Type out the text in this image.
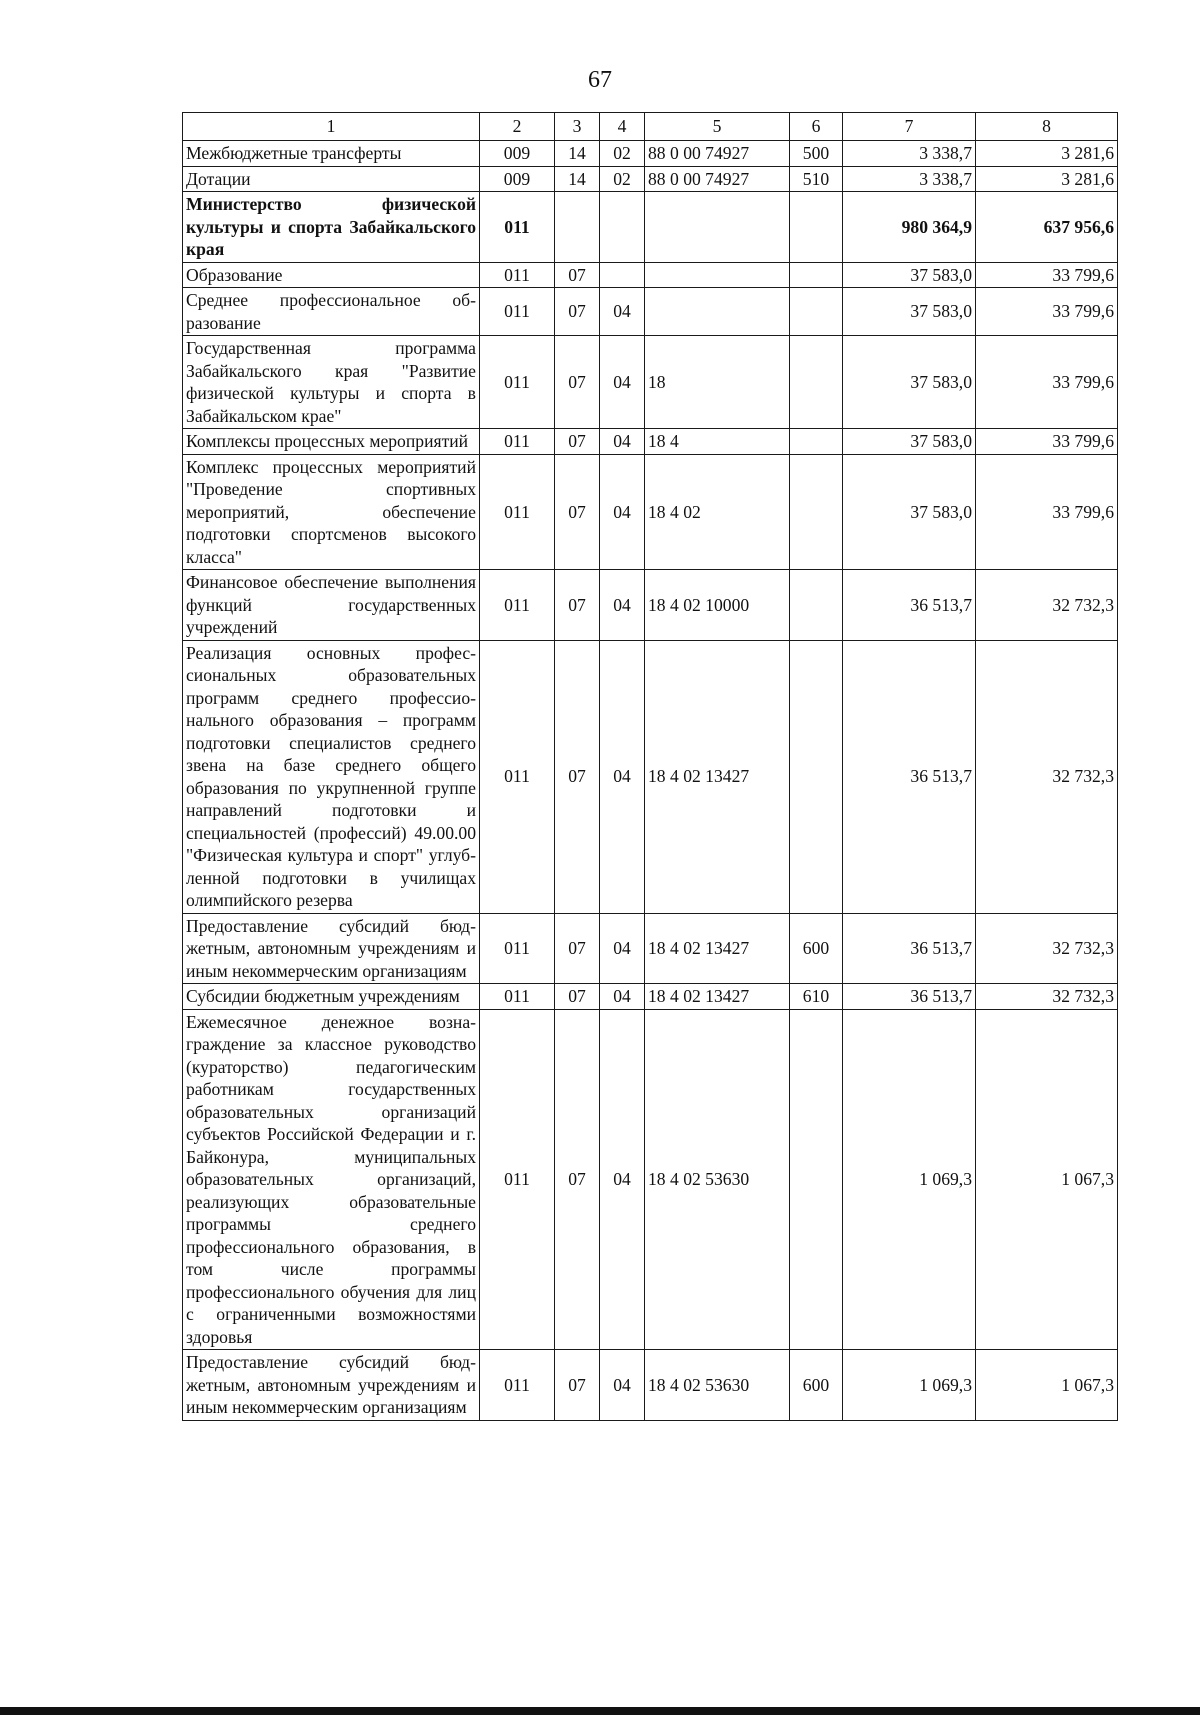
67
1	2	3	4	5	6	7	8
Межбюджетные трансферты	009	14	02	88 0 00 74927	500	3 338,7	3 281,6
Дотации	009	14	02	88 0 00 74927	510	3 338,7	3 281,6
Министерство физической культуры и спорта Забайкальского края	011					980 364,9	637 956,6
Образование	011	07				37 583,0	33 799,6
Среднее профессиональное образование	011	07	04			37 583,0	33 799,6
Государственная программа Забайкальского края "Развитие физической культуры и спорта в Забайкальском крае"	011	07	04	18		37 583,0	33 799,6
Комплексы процессных мероприятий	011	07	04	18 4		37 583,0	33 799,6
Комплекс процессных мероприятий "Проведение спортивных мероприятий, обеспечение подготовки спортсменов высокого класса"	011	07	04	18 4 02		37 583,0	33 799,6
Финансовое обеспечение выполнения функций государственных учреждений	011	07	04	18 4 02 10000		36 513,7	32 732,3
Реализация основных профессиональных образовательных программ среднего профессионального образования – программ подготовки специалистов среднего звена на базе среднего общего образования по укрупненной группе направлений подготовки и специальностей (профессий) 49.00.00 "Физическая культура и спорт" углубленной подготовки в училищах олимпийского резерва	011	07	04	18 4 02 13427		36 513,7	32 732,3
Предоставление субсидий бюджетным, автономным учреждениям и иным некоммерческим организациям	011	07	04	18 4 02 13427	600	36 513,7	32 732,3
Субсидии бюджетным учреждениям	011	07	04	18 4 02 13427	610	36 513,7	32 732,3
Ежемесячное денежное вознаграждение за классное руководство (кураторство) педагогическим работникам государственных образовательных организаций субъектов Российской Федерации и г. Байконура, муниципальных образовательных организаций, реализующих образовательные программы среднего профессионального образования, в том числе программы профессионального обучения для лиц с ограниченными возможностями здоровья	011	07	04	18 4 02 53630		1 069,3	1 067,3
Предоставление субсидий бюджетным, автономным учреждениям и иным некоммерческим организациям	011	07	04	18 4 02 53630	600	1 069,3	1 067,3
